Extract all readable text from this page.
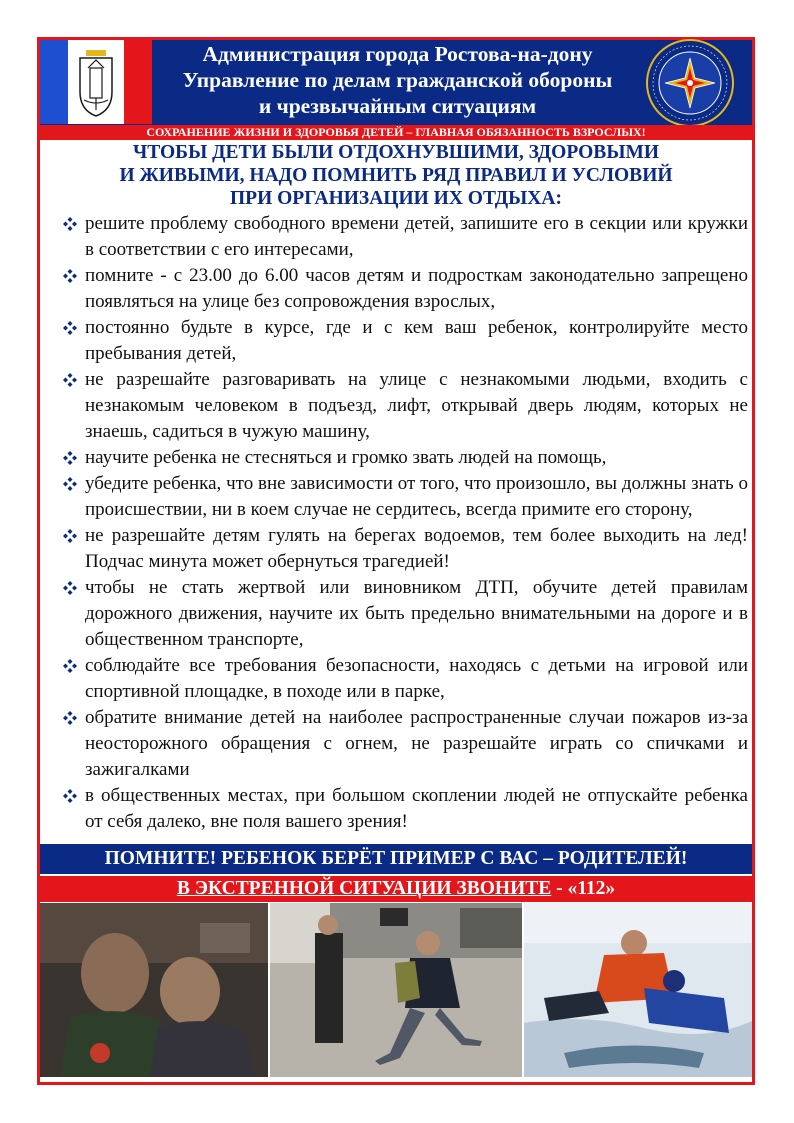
Администрация города Ростова-на-дону
Управление по делам гражданской обороны
и чрезвычайным ситуациям
СОХРАНЕНИЕ ЖИЗНИ И ЗДОРОВЬЯ ДЕТЕЙ – ГЛАВНАЯ ОБЯЗАННОСТЬ ВЗРОСЛЫХ!
ЧТОБЫ ДЕТИ БЫЛИ ОТДОХНУВШИМИ, ЗДОРОВЫМИ
И ЖИВЫМИ, НАДО ПОМНИТЬ РЯД ПРАВИЛ И УСЛОВИЙ
ПРИ ОРГАНИЗАЦИИ ИХ ОТДЫХА:
решите проблему свободного времени детей, запишите его в секции или кружки в соответствии с его интересами,
помните - с 23.00 до 6.00 часов детям и подросткам законодательно запрещено появляться на улице без сопровождения взрослых,
постоянно будьте в курсе, где и с кем ваш ребенок, контролируйте место пребывания детей,
не разрешайте разговаривать на улице с незнакомыми людьми, входить с незнакомым человеком в подъезд, лифт, открывай дверь людям, которых не знаешь, садиться в чужую машину,
научите ребенка не стесняться и громко звать людей на помощь,
убедите ребенка, что вне зависимости от того, что произошло, вы должны знать о происшествии, ни в коем случае не сердитесь, всегда примите его сторону,
не разрешайте детям гулять на берегах водоемов, тем более выходить на лед! Подчас минута может обернуться трагедией!
чтобы не стать жертвой или виновником ДТП, обучите детей правилам дорожного движения, научите их быть предельно внимательными на дороге и в общественном транспорте,
соблюдайте все требования безопасности, находясь с детьми на игровой или спортивной площадке, в походе или в парке,
обратите внимание детей на наиболее распространенные случаи пожаров из-за неосторожного обращения с огнем, не разрешайте играть со спичками и зажигалками
в общественных местах, при большом скоплении людей не отпускайте ребенка от себя далеко, вне поля вашего зрения!
ПОМНИТЕ! РЕБЕНОК БЕРЁТ ПРИМЕР С ВАС – РОДИТЕЛЕЙ!
В ЭКСТРЕННОЙ СИТУАЦИИ ЗВОНИТЕ - «112»
